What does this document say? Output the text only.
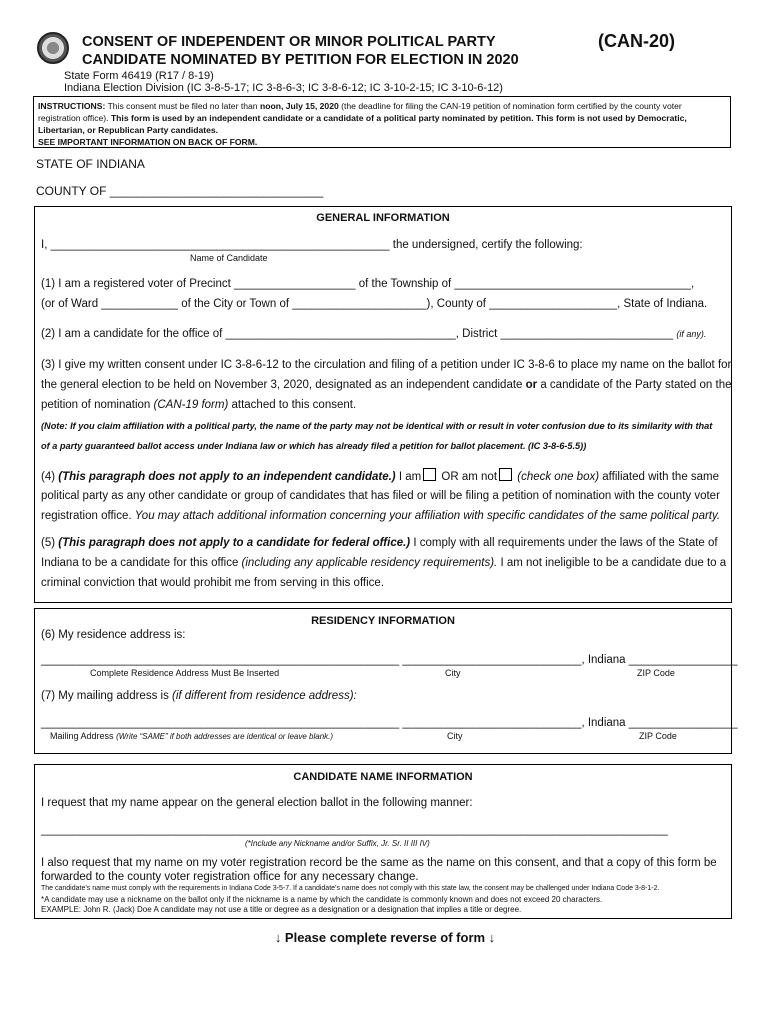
CONSENT OF INDEPENDENT OR MINOR POLITICAL PARTY
CANDIDATE NOMINATED BY PETITION FOR ELECTION IN 2020
(CAN-20)
State Form 46419 (R17 / 8-19)
Indiana Election Division (IC 3-8-5-17; IC 3-8-6-3; IC 3-8-6-12; IC 3-10-2-15; IC 3-10-6-12)
INSTRUCTIONS: This consent must be filed no later than noon, July 15, 2020 (the deadline for filing the CAN-19 petition of nomination form certified by the county voter registration office). This form is used by an independent candidate or a candidate of a political party nominated by petition. This form is not used by Democratic, Libertarian, or Republican Party candidates.
SEE IMPORTANT INFORMATION ON BACK OF FORM.
STATE OF INDIANA
COUNTY OF ________________________________
GENERAL INFORMATION
I, _____________________________________________________ the undersigned, certify the following:
Name of Candidate
(1) I am a registered voter of Precinct ___________________ of the Township of _____________________________________,
(or of Ward ____________ of the City or Town of _____________________), County of ____________________, State of Indiana.
(2) I am a candidate for the office of ____________________________________, District ___________________________ (if any).
(3) I give my written consent under IC 3-8-6-12 to the circulation and filing of a petition under IC 3-8-6 to place my name on the ballot for
the general election to be held on November 3, 2020, designated as an independent candidate or a candidate of the Party stated on the
petition of nomination (CAN-19 form) attached to this consent.
(Note: If you claim affiliation with a political party, the name of the party may not be identical with or result in voter confusion due to its similarity with that
of a party guaranteed ballot access under Indiana law or which has already filed a petition for ballot placement. (IC 3-8-6-5.5))
(4) (This paragraph does not apply to an independent candidate.) I am OR am not (check one box) affiliated with the same
political party as any other candidate or group of candidates that has filed or will be filing a petition of nomination with the county voter
registration office. You may attach additional information concerning your affiliation with specific candidates of the same political party.
(5) (This paragraph does not apply to a candidate for federal office.) I comply with all requirements under the laws of the State of
Indiana to be a candidate for this office (including any applicable residency requirements). I am not ineligible to be a candidate due to a
criminal conviction that would prohibit me from serving in this office.
RESIDENCY INFORMATION
(6) My residence address is:
________________________________________________________ ____________________________, Indiana _________________
Complete Residence Address Must Be Inserted	City	ZIP Code
(7) My mailing address is (if different from residence address):
________________________________________________________ ____________________________, Indiana _________________
Mailing Address (Write “SAME” if both addresses are identical or leave blank.)	City	ZIP Code
CANDIDATE NAME INFORMATION
I request that my name appear on the general election ballot in the following manner:
__________________________________________________________________________________________________
(*Include any Nickname and/or Suffix, Jr. Sr. II III IV)
I also request that my name on my voter registration record be the same as the name on this consent, and that a copy of this form be
forwarded to the county voter registration office for any necessary change.
The candidate’s name must comply with the requirements in Indiana Code 3-5-7. If a candidate’s name does not comply with this state law, the consent may be challenged under Indiana Code 3-8-1-2.
*A candidate may use a nickname on the ballot only if the nickname is a name by which the candidate is commonly known and does not exceed 20 characters.
EXAMPLE: John R. (Jack) Doe A candidate may not use a title or degree as a designation or a designation that implies a title or degree.
↓ Please complete reverse of form ↓
